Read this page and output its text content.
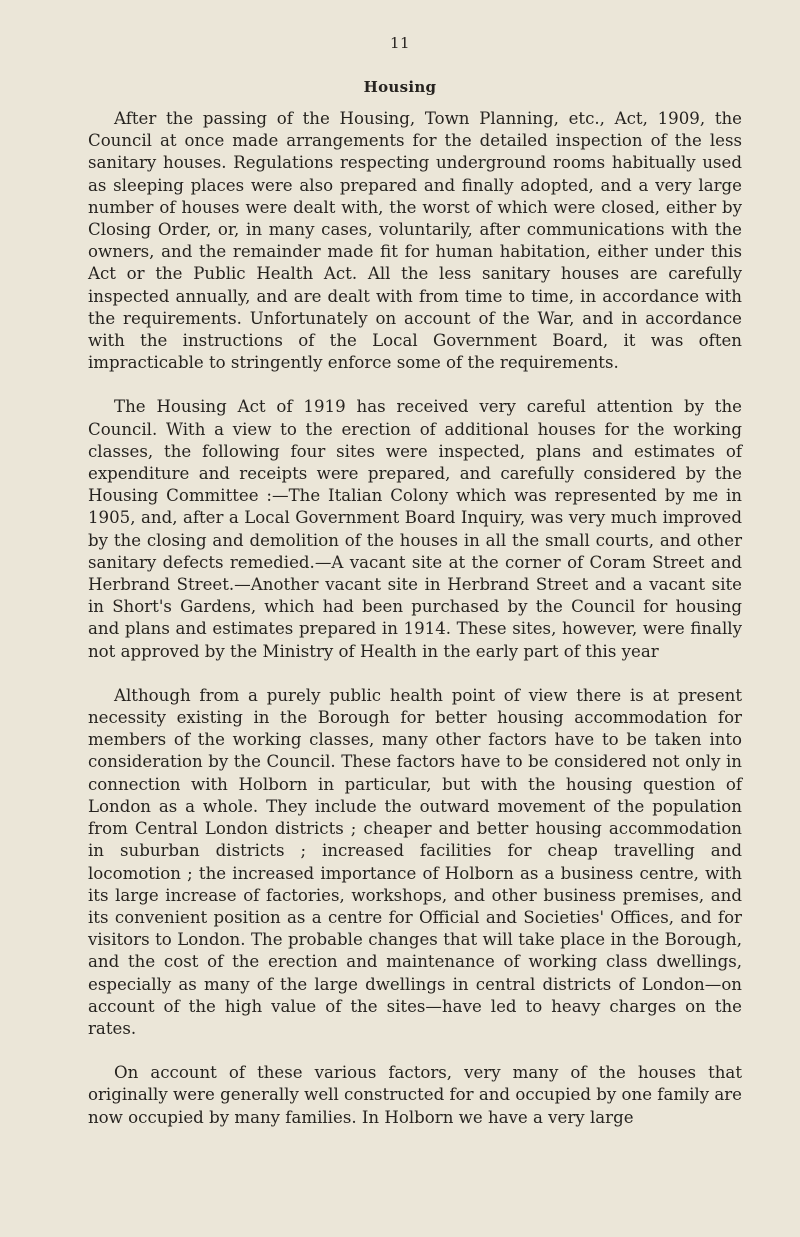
11
Housing

After the passing of the Housing, Town Planning, etc., Act, 1909, the Council at once made arrangements for the detailed inspection of the less sanitary houses. Regulations respecting underground rooms habitually used as sleeping places were also prepared and finally adopted, and a very large number of houses were dealt with, the worst of which were closed, either by Closing Order, or, in many cases, voluntarily, after communications with the owners, and the remainder made fit for human habitation, either under this Act or the Public Health Act. All the less sanitary houses are carefully inspected annually, and are dealt with from time to time, in accordance with the requirements. Unfortunately on account of the War, and in accordance with the instructions of the Local Government Board, it was often impracticable to stringently enforce some of the requirements.

The Housing Act of 1919 has received very careful attention by the Council. With a view to the erection of additional houses for the working classes, the following four sites were inspected, plans and estimates of expenditure and receipts were prepared, and carefully considered by the Housing Committee :—The Italian Colony which was represented by me in 1905, and, after a Local Government Board Inquiry, was very much improved by the closing and demolition of the houses in all the small courts, and other sanitary defects remedied.—A vacant site at the corner of Coram Street and Herbrand Street.—Another vacant site in Herbrand Street and a vacant site in Short's Gardens, which had been purchased by the Council for housing and plans and estimates prepared in 1914. These sites, however, were finally not approved by the Ministry of Health in the early part of this year

Although from a purely public health point of view there is at present necessity existing in the Borough for better housing accommodation for members of the working classes, many other factors have to be taken into consideration by the Council. These factors have to be considered not only in connection with Holborn in particular, but with the housing question of London as a whole. They include the outward movement of the population from Central London districts ; cheaper and better housing accommodation in suburban districts ; increased facilities for cheap travelling and locomotion ; the increased importance of Holborn as a business centre, with its large increase of factories, workshops, and other business premises, and its convenient position as a centre for Official and Societies' Offices, and for visitors to London. The probable changes that will take place in the Borough, and the cost of the erection and maintenance of working class dwellings, especially as many of the large dwellings in central districts of London—on account of the high value of the sites—have led to heavy charges on the rates.

On account of these various factors, very many of the houses that originally were generally well constructed for and occupied by one family are now occupied by many families. In Holborn we have a very large
